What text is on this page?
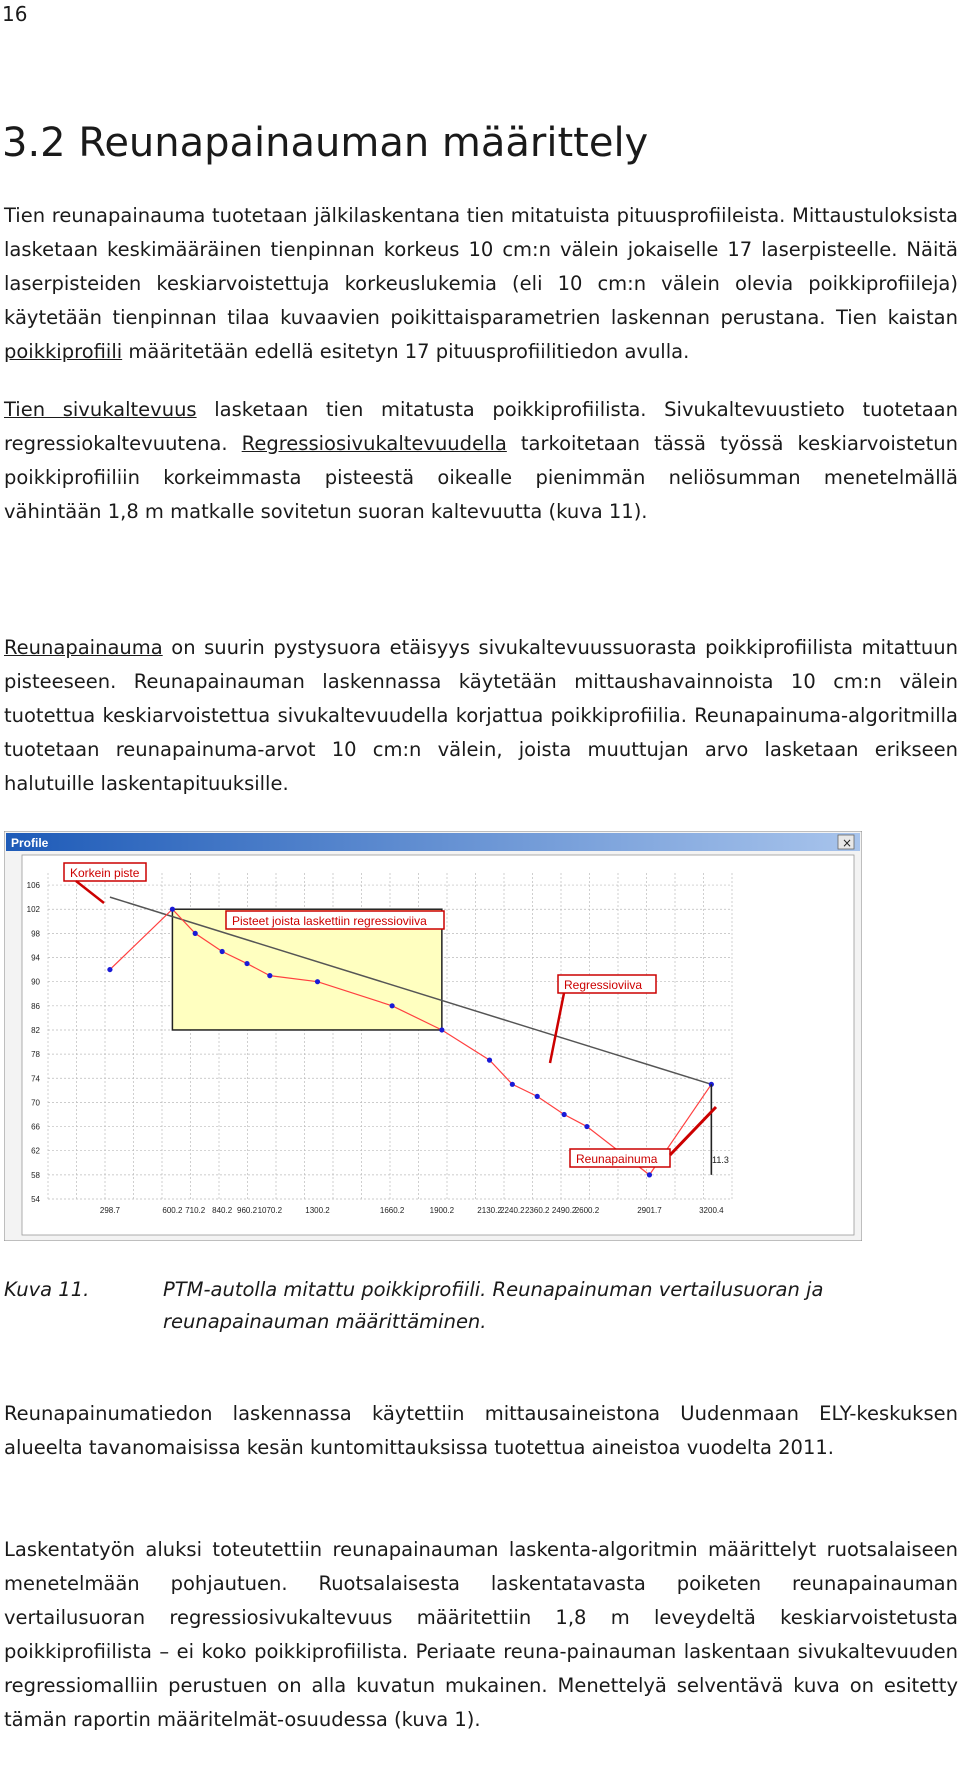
16
3.2 Reunapainauman määrittely

Tien reunapainauma tuotetaan jälkilaskentana tien mitatuista pituusprofiileista. Mittaustuloksista lasketaan keskimääräinen tienpinnan korkeus 10 cm:n välein jokaiselle 17 laserpisteelle. Näitä laserpisteiden keskiarvoistettuja korkeuslukemia (eli 10 cm:n välein olevia poikkiprofiileja) käytetään tienpinnan tilaa kuvaavien poikittaisparametrien laskennan perustana. Tien kaistan poikkiprofiili määritetään edellä esitetyn 17 pituusprofiilitiedon avulla.

Tien sivukaltevuus lasketaan tien mitatusta poikkiprofiilista. Sivukaltevuustieto tuotetaan regressiokaltevuutena. Regressiosivukaltevuudella tarkoitetaan tässä työssä keskiarvoistetun poikkiprofiiliin korkeimmasta pisteestä oikealle pienimmän neliösumman menetelmällä vähintään 1,8 m matkalle sovitetun suoran kaltevuutta (kuva 11).

Reunapainauma on suurin pystysuora etäisyys sivukaltevuussuorasta poikkiprofiilista mitattuun pisteeseen. Reunapainauman laskennassa käytetään mittaushavainnoista 10 cm:n välein tuotettua keskiarvoistettua sivukaltevuudella korjattua poikkiprofiilia. Reunapainuma-algoritmilla tuotetaan reunapainuma-arvot 10 cm:n välein, joista muuttujan arvo lasketaan erikseen halutuille laskentapituuksille.

Profile	×
54
58
62
66
70
74
78
82
86
90
94
98
102
106
298.7	600.2 710.2 840.2 960.2 1070.2	1300.2	1660.2	1900.2	2130.2
2240.2 2360.2 2490.2
2600.2	2901.7	3200.4
Korkein piste
Pisteet joista laskettiin regressioviiva
Regressioviiva
Reunapainuma	11.3
Kuva 11.	PTM-autolla mitattu poikkiprofiili. Reunapainuman vertailusuoran ja
reunapainauman määrittäminen.

Reunapainumatiedon laskennassa käytettiin mittausaineistona Uudenmaan ELY-keskuksen alueelta tavanomaisissa kesän kuntomittauksissa tuotettua aineistoa vuodelta 2011.

Laskentatyön aluksi toteutettiin reunapainauman laskenta-algoritmin määrittelyt ruotsalaiseen menetelmään pohjautuen. Ruotsalaisesta laskentatavasta poiketen reunapainauman vertailusuoran regressiosivukaltevuus määritettiin 1,8 m leveydeltä keskiarvoistetusta poikkiprofiilista – ei koko poikkiprofiilista. Periaate reuna-painauman laskentaan sivukaltevuuden regressiomalliin perustuen on alla kuvatun mukainen. Menettelyä selventävä kuva on esitetty tämän raportin määritelmät-osuudessa (kuva 1).
